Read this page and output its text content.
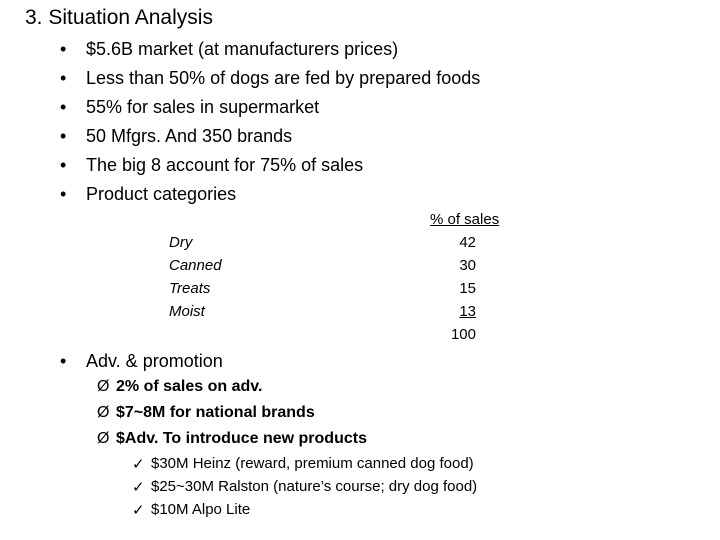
3. Situation Analysis
• $5.6B market (at manufacturers prices)
• Less than 50% of dogs are fed by prepared foods
• 55% for sales in supermarket
• 50 Mfgrs. And 350 brands
• The big 8 account for 75% of sales
• Product categories
% of sales
Dry	42
Canned	30
Treats	15
Moist	13
100
• Adv. & promotion
Ø 2% of sales on adv.
Ø $7~8M for national brands
Ø $Adv. To introduce new products
✓ $30M Heinz (reward, premium canned dog food)
✓ $25~30M Ralston (nature’s course; dry dog food)
✓ $10M Alpo Lite
